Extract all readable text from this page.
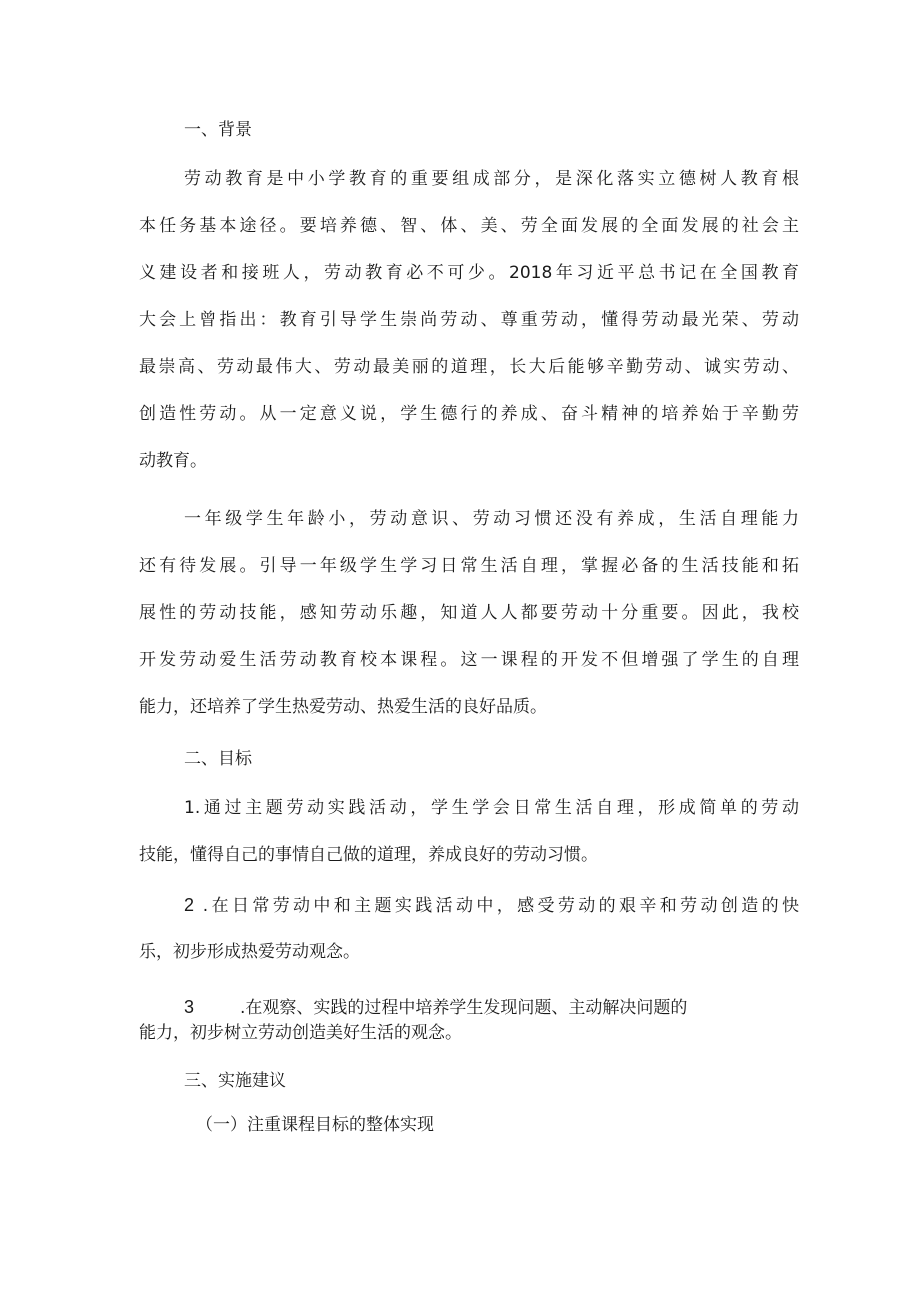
一、背景
劳动教育是中小学教育的重要组成部分，是深化落实立德树人教育根
本任务基本途径。要培养德、智、体、美、劳全面发展的全面发展的社会主
义建设者和接班人，劳动教育必不可少。2018年习近平总书记在全国教育
大会上曾指出：教育引导学生崇尚劳动、尊重劳动，懂得劳动最光荣、劳动
最崇高、劳动最伟大、劳动最美丽的道理，长大后能够辛勤劳动、诚实劳动、
创造性劳动。从一定意义说，学生德行的养成、奋斗精神的培养始于辛勤劳
动教育。
一年级学生年龄小，劳动意识、劳动习惯还没有养成，生活自理能力
还有待发展。引导一年级学生学习日常生活自理，掌握必备的生活技能和拓
展性的劳动技能，感知劳动乐趣，知道人人都要劳动十分重要。因此，我校
开发劳动爱生活劳动教育校本课程。这一课程的开发不但增强了学生的自理
能力，还培养了学生热爱劳动、热爱生活的良好品质。
二、目标
1.通过主题劳动实践活动，学生学会日常生活自理，形成简单的劳动
技能，懂得自己的事情自己做的道理，养成良好的劳动习惯。
2 .在日常劳动中和主题实践活动中，感受劳动的艰辛和劳动创造的快
乐，初步形成热爱劳动观念。
3	.在观察、实践的过程中培养学生发现问题、主动解决问题的
能力，初步树立劳动创造美好生活的观念。
三、实施建议
（一）注重课程目标的整体实现
